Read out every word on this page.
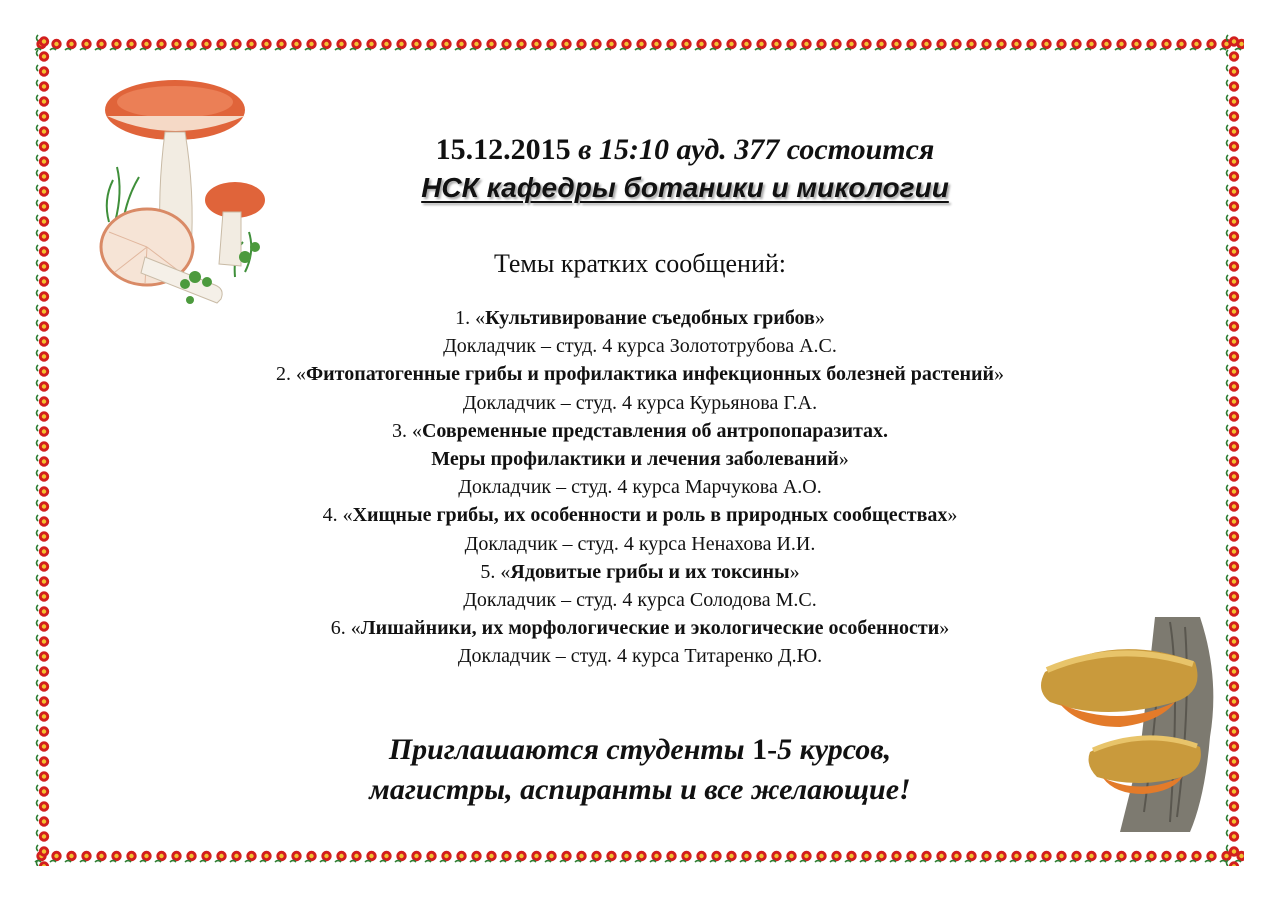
15.12.2015 в 15:10 ауд. 377 состоится
НСК кафедры ботаники и микологии
Темы кратких сообщений:
1. «Культивирование съедобных грибов»
Докладчик – студ. 4 курса Золототрубова А.С.
2. «Фитопатогенные грибы и профилактика инфекционных болезней растений»
Докладчик – студ. 4 курса Курьянова Г.А.
3. «Современные представления об антропопаразитах.
Меры профилактики и лечения заболеваний»
Докладчик – студ. 4 курса Марчукова А.О.
4. «Хищные грибы, их особенности и роль в природных сообществах»
Докладчик – студ. 4 курса Ненахова И.И.
5. «Ядовитые грибы и их токсины»
Докладчик – студ. 4 курса Солодова М.С.
6. «Лишайники, их морфологические и экологические особенности»
Докладчик – студ. 4 курса Титаренко Д.Ю.
Приглашаются студенты 1-5 курсов,
магистры, аспиранты и все желающие!
